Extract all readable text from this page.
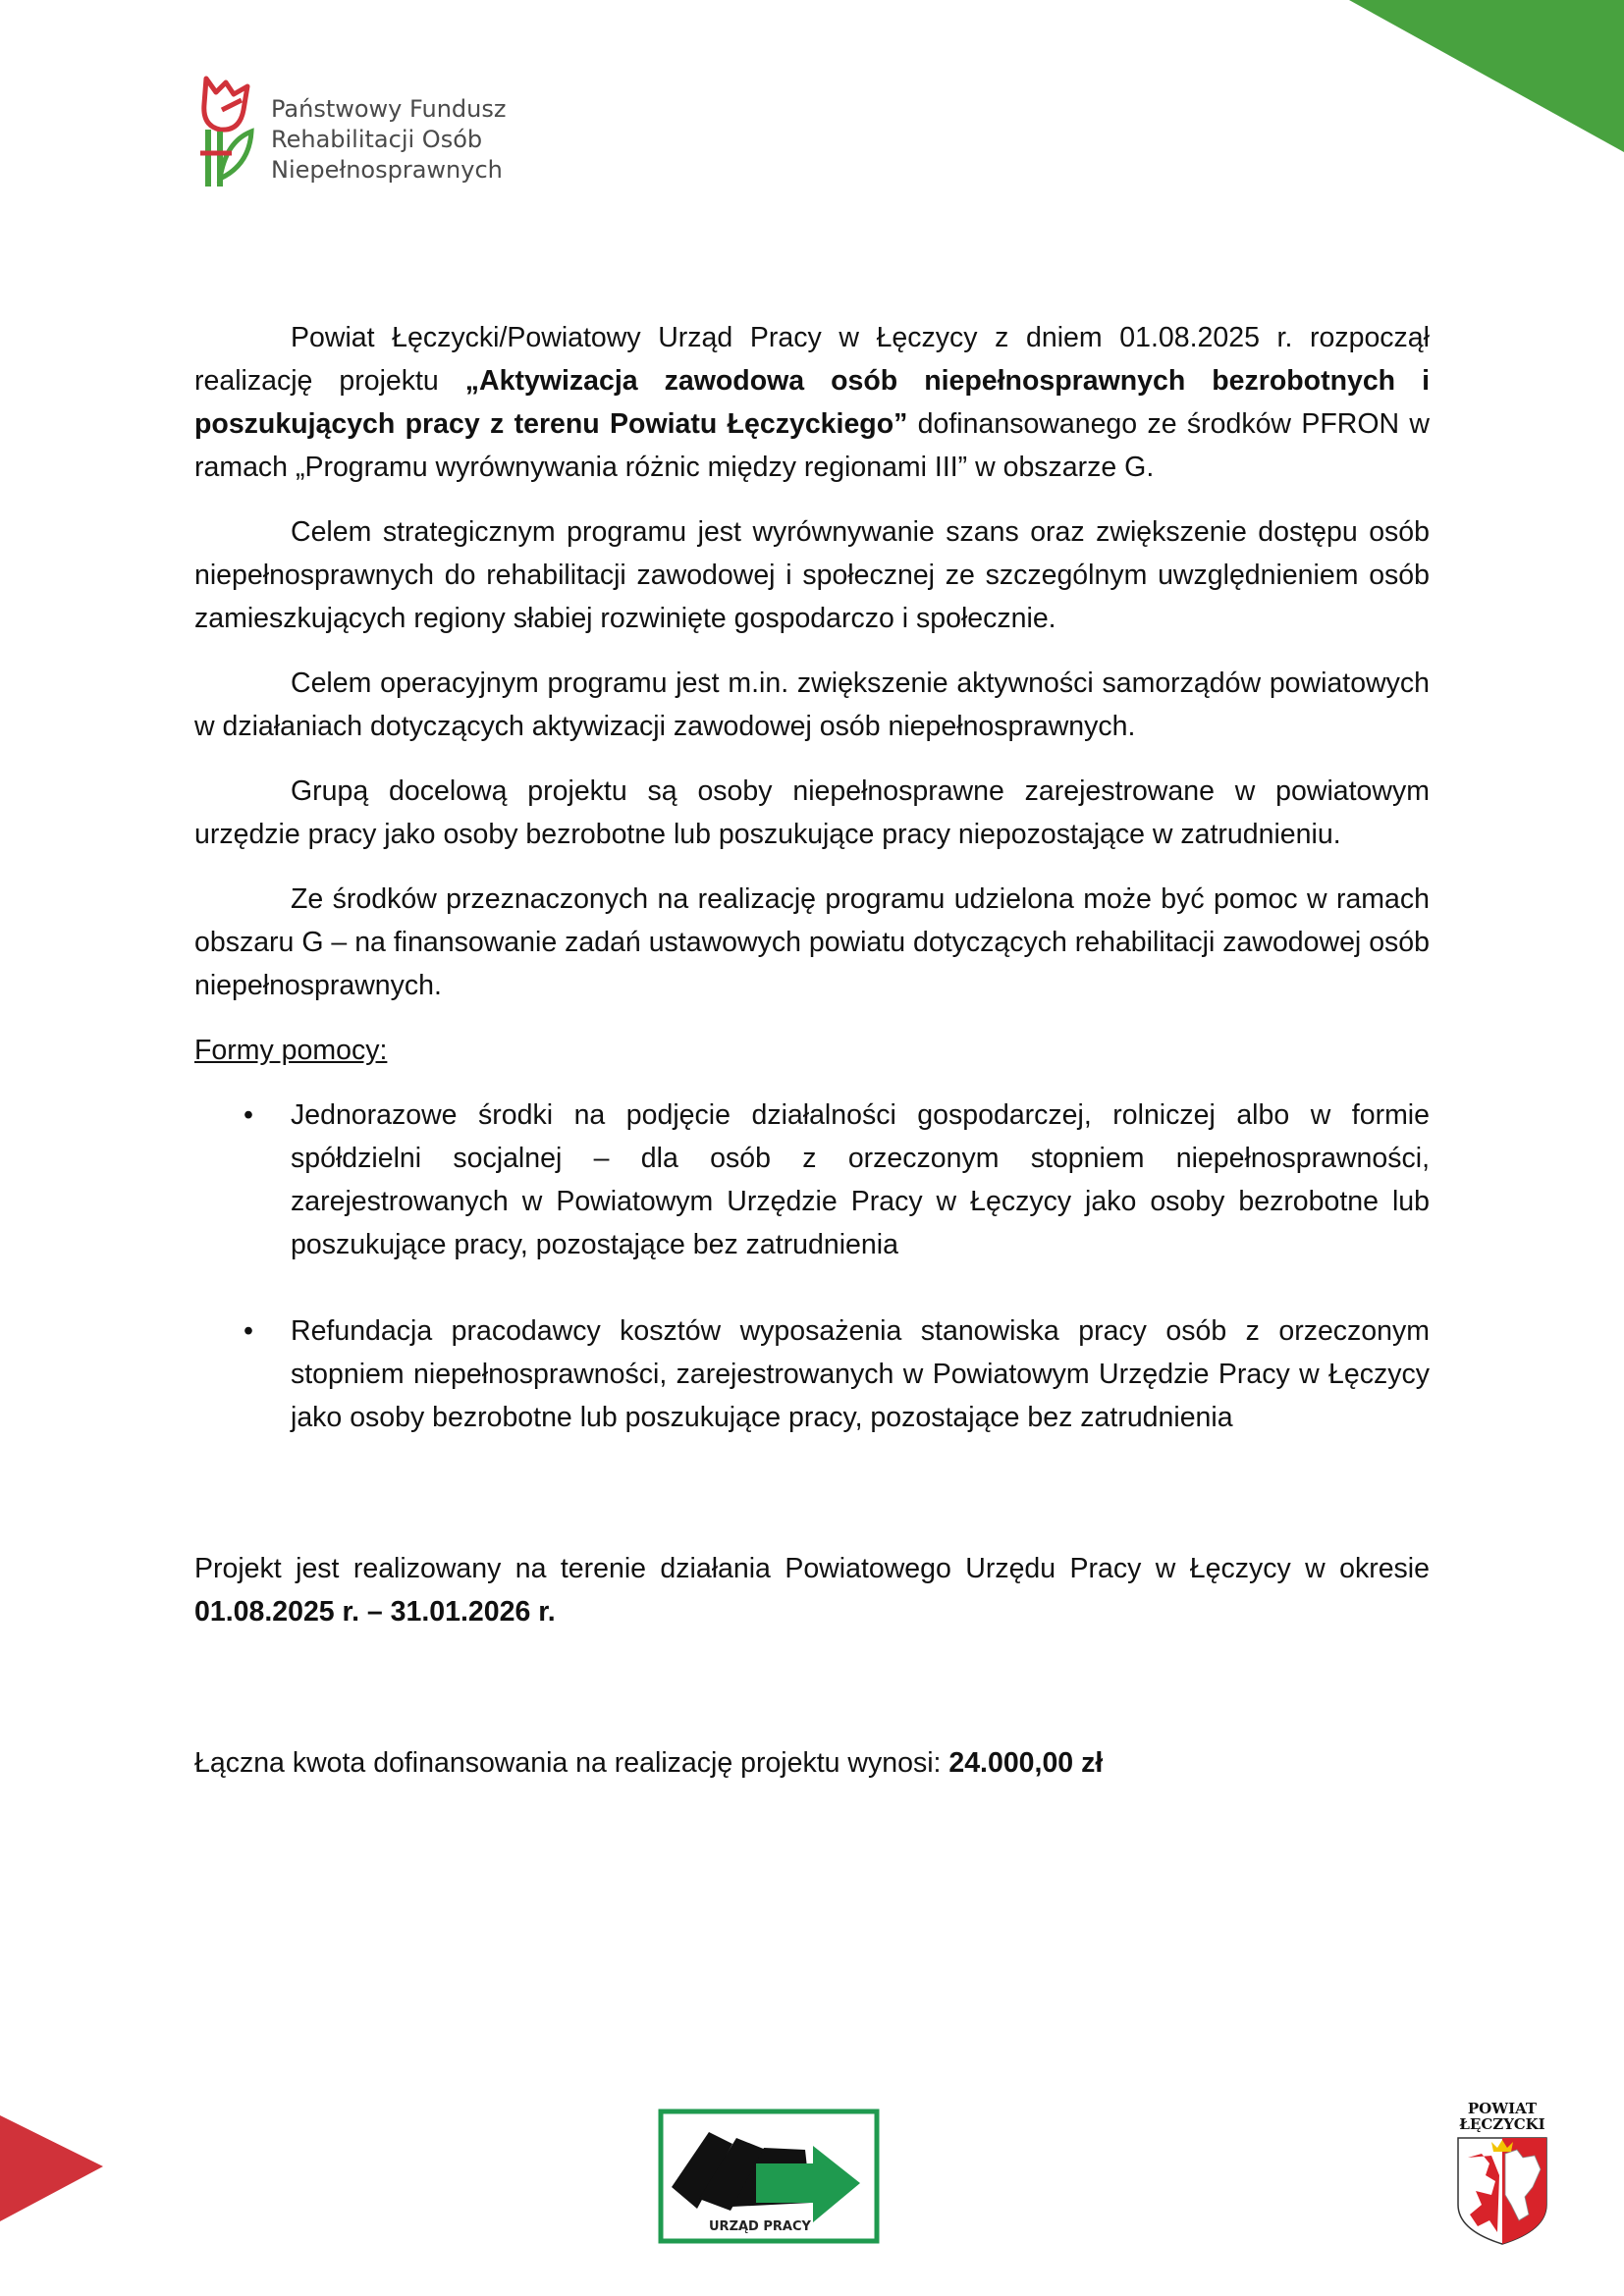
Państwowy Fundusz
Rehabilitacji Osób
Niepełnosprawnych

Powiat Łęczycki/Powiatowy Urząd Pracy w Łęczycy z dniem 01.08.2025 r. rozpoczął realizację projektu „Aktywizacja zawodowa osób niepełnosprawnych bezrobotnych i poszukujących pracy z terenu Powiatu Łęczyckiego” dofinansowanego ze środków PFRON w ramach „Programu wyrównywania różnic między regionami III” w obszarze G.

Celem strategicznym programu jest wyrównywanie szans oraz zwiększenie dostępu osób niepełnosprawnych do rehabilitacji zawodowej i społecznej ze szczególnym uwzględnieniem osób zamieszkujących regiony słabiej rozwinięte gospodarczo i społecznie.

Celem operacyjnym programu jest m.in. zwiększenie aktywności samorządów powiatowych w działaniach dotyczących aktywizacji zawodowej osób niepełnosprawnych.

Grupą docelową projektu są osoby niepełnosprawne zarejestrowane w powiatowym urzędzie pracy jako osoby bezrobotne lub poszukujące pracy niepozostające w zatrudnieniu.

Ze środków przeznaczonych na realizację programu udzielona może być pomoc w ramach obszaru G – na finansowanie zadań ustawowych powiatu dotyczących rehabilitacji zawodowej osób niepełnosprawnych.

Formy pomocy:
• Jednorazowe środki na podjęcie działalności gospodarczej, rolniczej albo w formie spółdzielni socjalnej – dla osób z orzeczonym stopniem niepełnosprawności, zarejestrowanych w Powiatowym Urzędzie Pracy w Łęczycy jako osoby bezrobotne lub poszukujące pracy, pozostające bez zatrudnienia
• Refundacja pracodawcy kosztów wyposażenia stanowiska pracy osób z orzeczonym stopniem niepełnosprawności, zarejestrowanych w Powiatowym Urzędzie Pracy w Łęczycy jako osoby bezrobotne lub poszukujące pracy, pozostające bez zatrudnienia

Projekt jest realizowany na terenie działania Powiatowego Urzędu Pracy w Łęczycy w okresie 01.08.2025 r. – 31.01.2026 r.

Łączna kwota dofinansowania na realizację projektu wynosi: 24.000,00 zł

URZĄD PRACY
POWIAT
ŁĘCZYCKI
